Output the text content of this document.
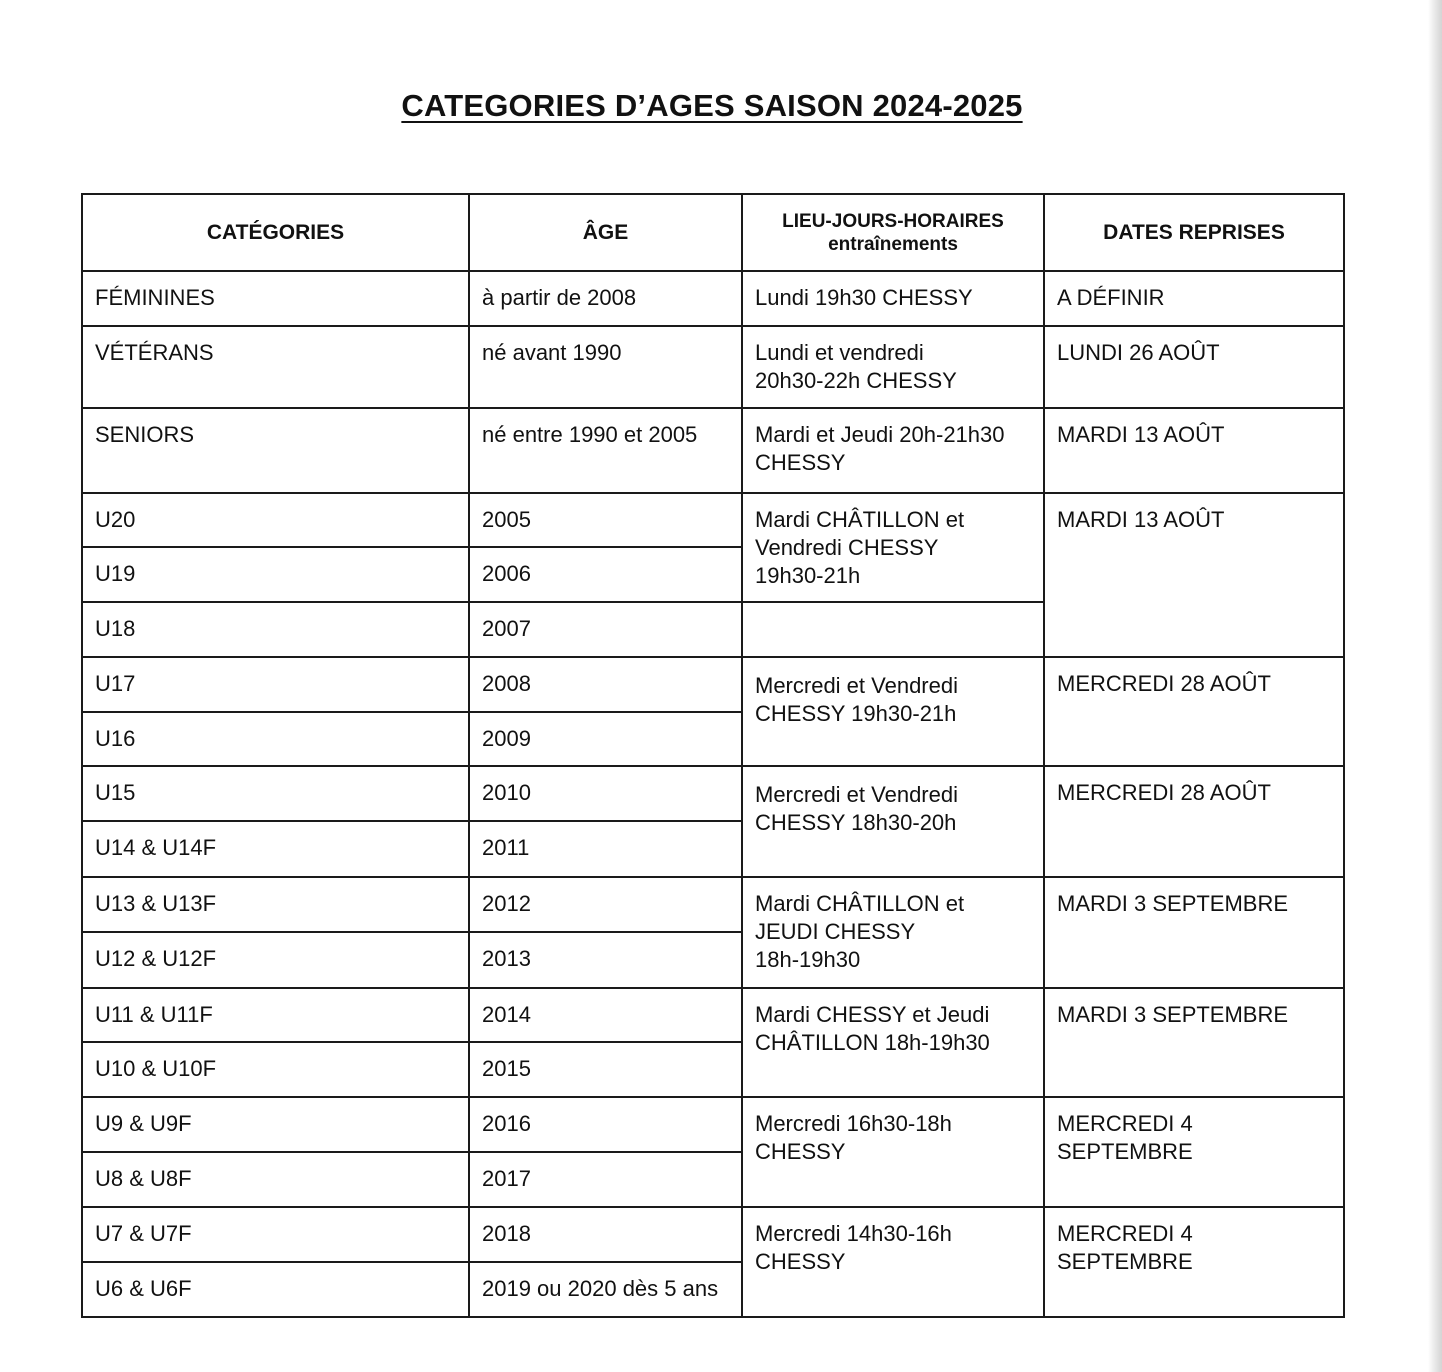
CATEGORIES D’AGES SAISON 2024-2025
CATÉGORIES	ÂGE	LIEU-JOURS-HORAIRES
entraînements	DATES REPRISES
FÉMININES	à partir de 2008	Lundi 19h30 CHESSY	A DÉFINIR
VÉTÉRANS	né avant 1990	Lundi et vendredi
20h30-22h CHESSY	LUNDI 26 AOÛT
SENIORS	né entre 1990 et 2005	Mardi et Jeudi 20h-21h30
CHESSY	MARDI 13 AOÛT
U20	2005	Mardi CHÂTILLON et
Vendredi CHESSY
19h30-21h	MARDI 13 AOÛT
U19	2006		
U18	2007		
U17	2008	Mercredi et Vendredi
CHESSY 19h30-21h	MERCREDI 28 AOÛT
U16	2009		
U15	2010	Mercredi et Vendredi
CHESSY 18h30-20h	MERCREDI 28 AOÛT
U14 & U14F	2011		
U13 & U13F	2012	Mardi CHÂTILLON et
JEUDI CHESSY
18h-19h30	MARDI 3 SEPTEMBRE
U12 & U12F	2013		
U11 & U11F	2014	Mardi CHESSY et Jeudi
CHÂTILLON 18h-19h30	MARDI 3 SEPTEMBRE
U10 & U10F	2015		
U9 & U9F	2016	Mercredi 16h30-18h
CHESSY	MERCREDI 4 SEPTEMBRE
U8 & U8F	2017		
U7 & U7F	2018	Mercredi 14h30-16h
CHESSY	MERCREDI 4 SEPTEMBRE
U6 & U6F	2019 ou 2020 dès 5 ans		
